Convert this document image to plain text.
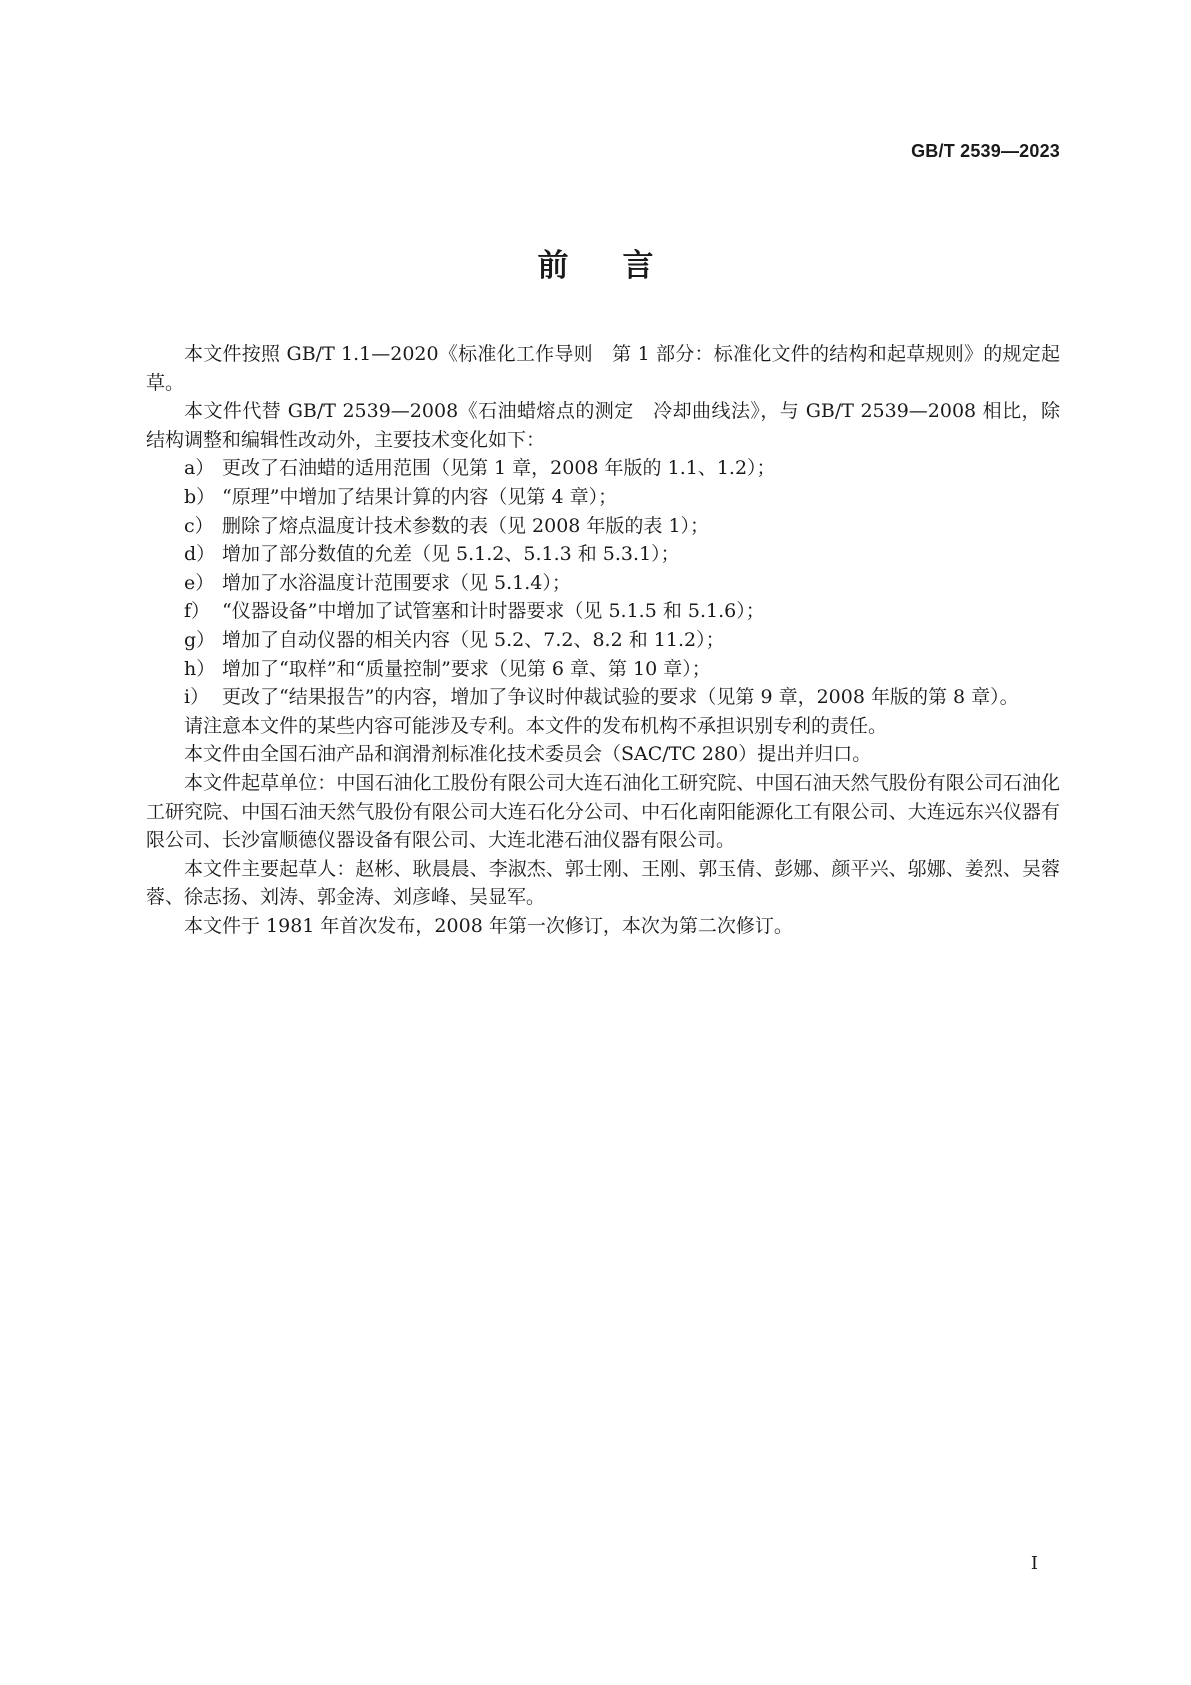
GB/T 2539—2023
前言

本文件按照 GB/T 1.1—2020《标准化工作导则　第 1 部分：标准化文件的结构和起草规则》的规定起草。

本文件代替 GB/T 2539—2008《石油蜡熔点的测定　冷却曲线法》，与 GB/T 2539—2008 相比，除结构调整和编辑性改动外，主要技术变化如下：

a） 更改了石油蜡的适用范围（见第 1 章，2008 年版的 1.1、1.2）；
b） “原理”中增加了结果计算的内容（见第 4 章）；
c） 删除了熔点温度计技术参数的表（见 2008 年版的表 1）；
d） 增加了部分数值的允差（见 5.1.2、5.1.3 和 5.3.1）；
e） 增加了水浴温度计范围要求（见 5.1.4）；
f） “仪器设备”中增加了试管塞和计时器要求（见 5.1.5 和 5.1.6）；
g） 增加了自动仪器的相关内容（见 5.2、7.2、8.2 和 11.2）；
h） 增加了“取样”和“质量控制”要求（见第 6 章、第 10 章）；
i） 更改了“结果报告”的内容，增加了争议时仲裁试验的要求（见第 9 章，2008 年版的第 8 章）。

请注意本文件的某些内容可能涉及专利。本文件的发布机构不承担识别专利的责任。

本文件由全国石油产品和润滑剂标准化技术委员会（SAC/TC 280）提出并归口。

本文件起草单位：中国石油化工股份有限公司大连石油化工研究院、中国石油天然气股份有限公司石油化工研究院、中国石油天然气股份有限公司大连石化分公司、中石化南阳能源化工有限公司、大连远东兴仪器有限公司、长沙富顺德仪器设备有限公司、大连北港石油仪器有限公司。

本文件主要起草人：赵彬、耿晨晨、李淑杰、郭士刚、王刚、郭玉倩、彭娜、颜平兴、邬娜、姜烈、吴蓉蓉、徐志扬、刘涛、郭金涛、刘彦峰、吴显军。

本文件于 1981 年首次发布，2008 年第一次修订，本次为第二次修订。

I
